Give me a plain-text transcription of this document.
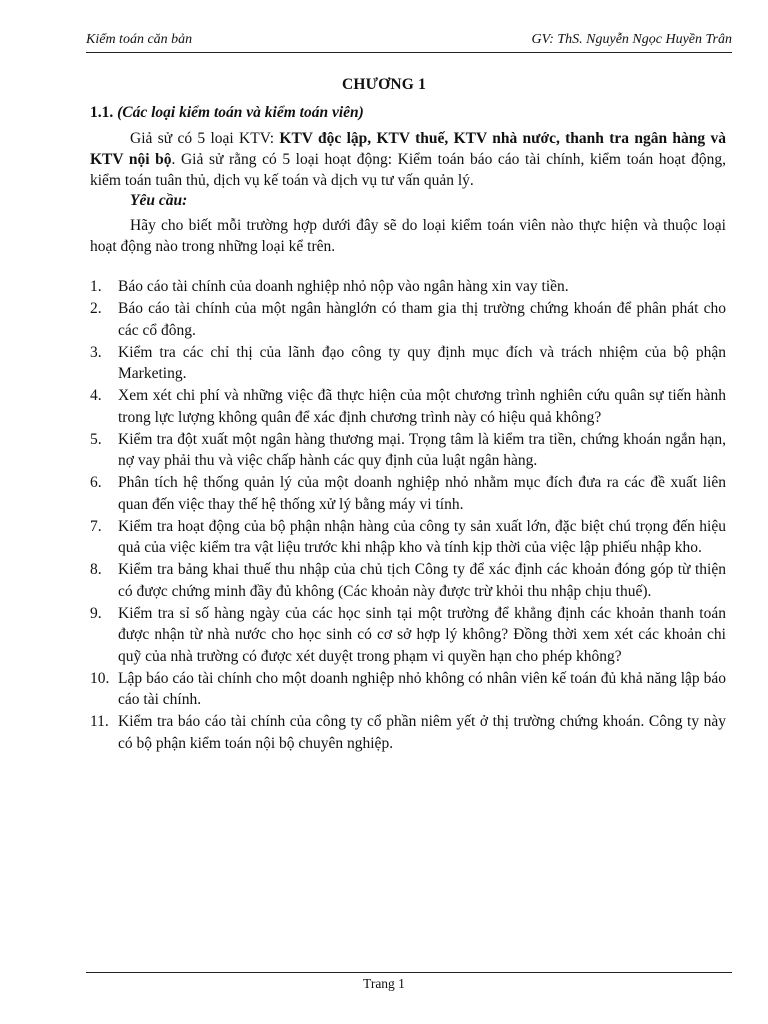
Kiểm toán căn bản	GV: ThS. Nguyễn Ngọc Huyền Trân
CHƯƠNG 1
1.1. (Các loại kiểm toán và kiểm toán viên)

Giả sử có 5 loại KTV: KTV độc lập, KTV thuế, KTV nhà nước, thanh tra ngân hàng và KTV nội bộ. Giả sử rằng có 5 loại hoạt động: Kiểm toán báo cáo tài chính, kiểm toán hoạt động, kiểm toán tuân thủ, dịch vụ kế toán và dịch vụ tư vấn quản lý.

Yêu cầu:

Hãy cho biết mỗi trường hợp dưới đây sẽ do loại kiểm toán viên nào thực hiện và thuộc loại hoạt động nào trong những loại kể trên.

1. Báo cáo tài chính của doanh nghiệp nhỏ nộp vào ngân hàng xin vay tiền.
2. Báo cáo tài chính của một ngân hànglớn có tham gia thị trường chứng khoán để phân phát cho các cổ đông.
3. Kiểm tra các chỉ thị của lãnh đạo công ty quy định mục đích và trách nhiệm của bộ phận Marketing.
4. Xem xét chi phí và những việc đã thực hiện của một chương trình nghiên cứu quân sự tiến hành trong lực lượng không quân để xác định chương trình này có hiệu quả không?
5. Kiểm tra đột xuất một ngân hàng thương mại. Trọng tâm là kiểm tra tiền, chứng khoán ngắn hạn, nợ vay phải thu và việc chấp hành các quy định của luật ngân hàng.
6. Phân tích hệ thống quản lý của một doanh nghiệp nhỏ nhằm mục đích đưa ra các đề xuất liên quan đến việc thay thế hệ thống xử lý bằng máy vi tính.
7. Kiểm tra hoạt động của bộ phận nhận hàng của công ty sản xuất lớn, đặc biệt chú trọng đến hiệu quả của việc kiểm tra vật liệu trước khi nhập kho và tính kịp thời của việc lập phiếu nhập kho.
8. Kiểm tra bảng khai thuế thu nhập của chủ tịch Công ty để xác định các khoản đóng góp từ thiện có được chứng minh đầy đủ không (Các khoản này được trừ khỏi thu nhập chịu thuế).
9. Kiểm tra sỉ số hàng ngày của các học sinh tại một trường để khẳng định các khoản thanh toán được nhận từ nhà nước cho học sinh có cơ sở hợp lý không? Đồng thời xem xét các khoản chi quỹ của nhà trường có được xét duyệt trong phạm vi quyền hạn cho phép không?
10. Lập báo cáo tài chính cho một doanh nghiệp nhỏ không có nhân viên kế toán đủ khả năng lập báo cáo tài chính.
11. Kiểm tra báo cáo tài chính của công ty cổ phần niêm yết ở thị trường chứng khoán. Công ty này có bộ phận kiểm toán nội bộ chuyên nghiệp.
Trang 1
